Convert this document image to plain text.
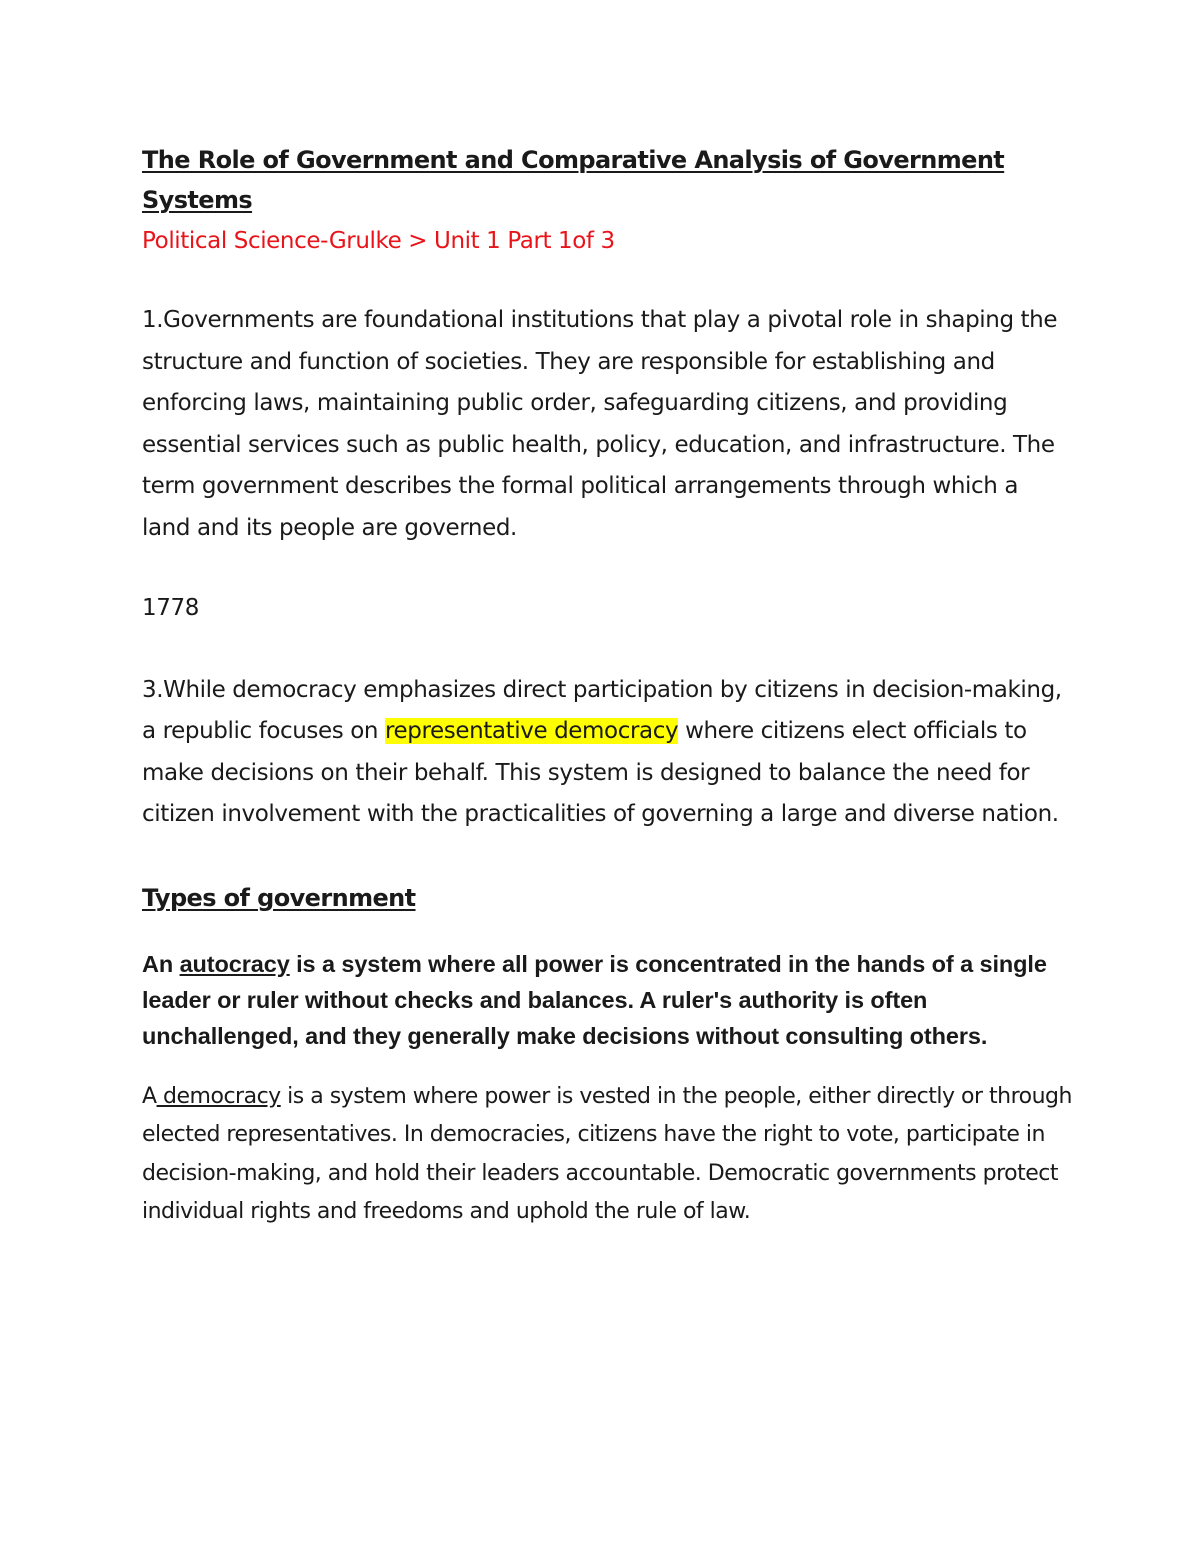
The Role of Government and Comparative Analysis of Government Systems

Political Science-Grulke > Unit 1 Part 1of 3

1.Governments are foundational institutions that play a pivotal role in shaping the structure and function of societies. They are responsible for establishing and enforcing laws, maintaining public order, safeguarding citizens, and providing essential services such as public health, policy, education, and infrastructure. The term government describes the formal political arrangements through which a land and its people are governed.

1778

3.While democracy emphasizes direct participation by citizens in decision-making, a republic focuses on representative democracy where citizens elect officials to make decisions on their behalf. This system is designed to balance the need for citizen involvement with the practicalities of governing a large and diverse nation.

Types of government

An autocracy is a system where all power is concentrated in the hands of a single leader or ruler without checks and balances. A ruler's authority is often unchallenged, and they generally make decisions without consulting others.

A democracy is a system where power is vested in the people, either directly or through elected representatives. In democracies, citizens have the right to vote, participate in decision-making, and hold their leaders accountable. Democratic governments protect individual rights and freedoms and uphold the rule of law.
